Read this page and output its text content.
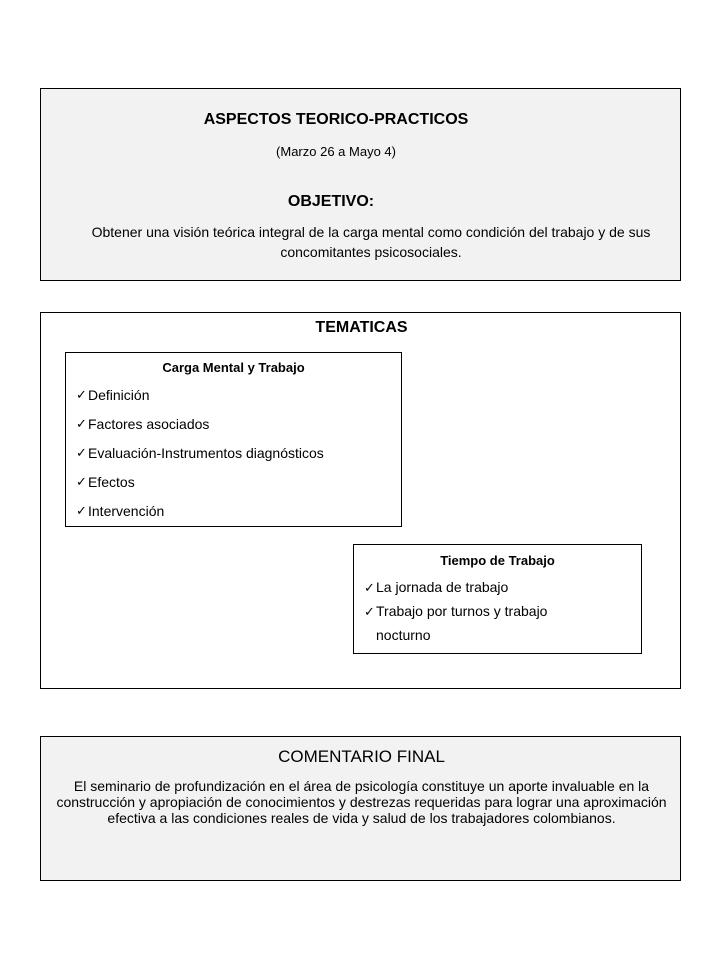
ASPECTOS TEORICO-PRACTICOS
(Marzo 26 a Mayo 4)
OBJETIVO:
Obtener una visión teórica integral de la carga mental como condición del trabajo y de sus concomitantes psicosociales.
TEMATICAS
Carga Mental y Trabajo
✓ Definición
✓ Factores asociados
✓ Evaluación-Instrumentos diagnósticos
✓ Efectos
✓ Intervención
Tiempo de Trabajo
✓ La jornada de trabajo
✓ Trabajo por turnos y trabajo nocturno
COMENTARIO FINAL
El seminario de profundización en el área de psicología constituye un aporte invaluable en la construcción y apropiación de conocimientos y destrezas requeridas para lograr una aproximación efectiva a las condiciones reales de vida y salud de los trabajadores colombianos.
